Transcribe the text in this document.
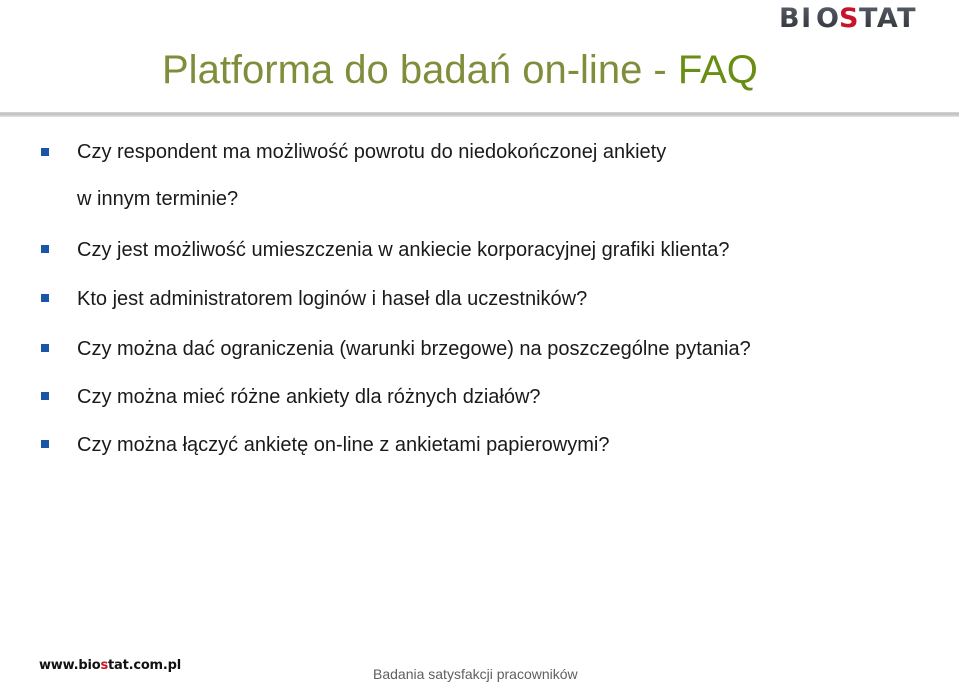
BI O
S TAT
Platforma do badań on-line - FAQ
Czy respondent ma możliwość powrotu do niedokończonej ankiety
w innym terminie?
Czy jest możliwość umieszczenia w ankiecie korporacyjnej grafiki klienta?
Kto jest administratorem loginów i haseł dla uczestników?
Czy można dać ograniczenia (warunki brzegowe) na poszczególne pytania?
Czy można mieć różne ankiety dla różnych działów?
Czy można łączyć ankietę on-line z ankietami papierowymi?
www.biostat.com.pl
Badania satysfakcji pracowników
